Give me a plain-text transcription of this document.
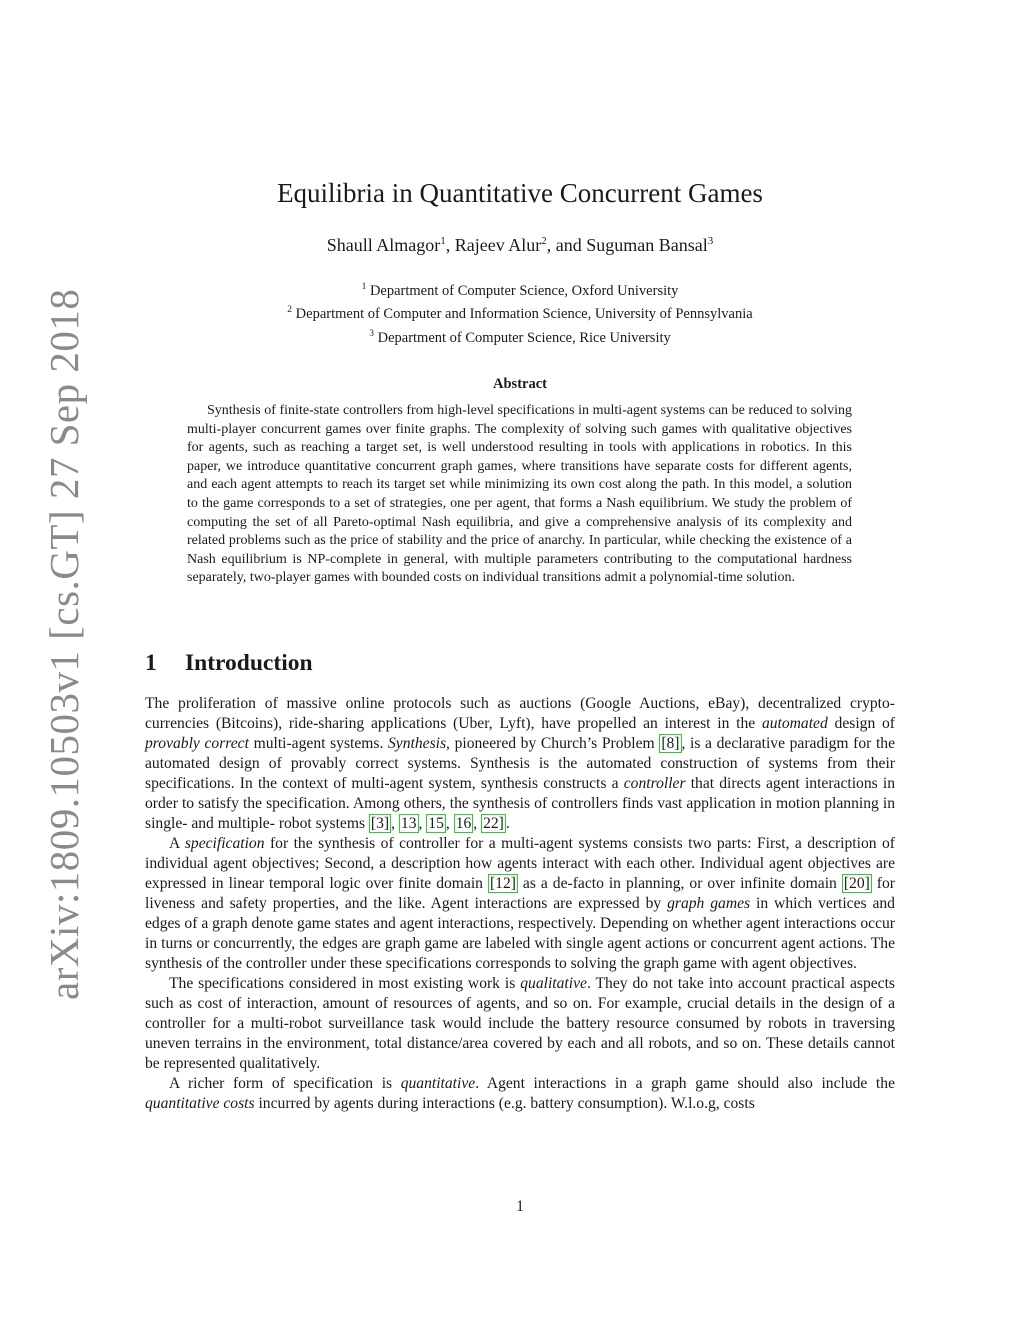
arXiv:1809.10503v1 [cs.GT] 27 Sep 2018
Equilibria in Quantitative Concurrent Games
Shaull Almagor$^1$, Rajeev Alur$^2$, and Suguman Bansal$^3$
$^1$ Department of Computer Science, Oxford University
$^2$ Department of Computer and Information Science, University of Pennsylvania
$^3$ Department of Computer Science, Rice University
Abstract
Synthesis of finite-state controllers from high-level specifications in multi-agent systems can be reduced to solving multi-player concurrent games over finite graphs. The complexity of solving such games with qualitative objectives for agents, such as reaching a target set, is well understood resulting in tools with applications in robotics. In this paper, we introduce quantitative concurrent graph games, where transitions have separate costs for different agents, and each agent attempts to reach its target set while minimizing its own cost along the path. In this model, a solution to the game corresponds to a set of strategies, one per agent, that forms a Nash equilibrium. We study the problem of computing the set of all Pareto-optimal Nash equilibria, and give a comprehensive analysis of its complexity and related problems such as the price of stability and the price of anarchy. In particular, while checking the existence of a Nash equilibrium is NP-complete in general, with multiple parameters contributing to the computational hardness separately, two-player games with bounded costs on individual transitions admit a polynomial-time solution.
1 Introduction

The proliferation of massive online protocols such as auctions (Google Auctions, eBay), decentralized crypto- currencies (Bitcoins), ride-sharing applications (Uber, Lyft), have propelled an interest in the automated design of provably correct multi-agent systems. Synthesis, pioneered by Church’s Problem [8] , is a declarative paradigm for the automated design of provably correct systems. Synthesis is the automated construction of systems from their specifications. In the context of multi-agent system, synthesis constructs a controller that directs agent interactions in order to satisfy the specification. Among others, the synthesis of controllers finds vast application in motion planning in single- and multiple- robot systems [3] , 13 , 15 , 16 , 22] .

A specification for the synthesis of controller for a multi-agent systems consists two parts: First, a description of individual agent objectives; Second, a description how agents interact with each other. Individual agent objectives are expressed in linear temporal logic over finite domain [12] as a de-facto in planning, or over infinite domain [20] for liveness and safety properties, and the like. Agent interactions are expressed by graph games in which vertices and edges of a graph denote game states and agent interactions, respectively. Depending on whether agent interactions occur in turns or concurrently, the edges are graph game are labeled with single agent actions or concurrent agent actions. The synthesis of the controller under these specifications corresponds to solving the graph game with agent objectives.

The specifications considered in most existing work is qualitative. They do not take into account practical aspects such as cost of interaction, amount of resources of agents, and so on. For example, crucial details in the design of a controller for a multi-robot surveillance task would include the battery resource consumed by robots in traversing uneven terrains in the environment, total distance/area covered by each and all robots, and so on. These details cannot be represented qualitatively.

A richer form of specification is quantitative. Agent interactions in a graph game should also include the quantitative costs incurred by agents during interactions (e.g. battery consumption). W.l.o.g, costs

1
